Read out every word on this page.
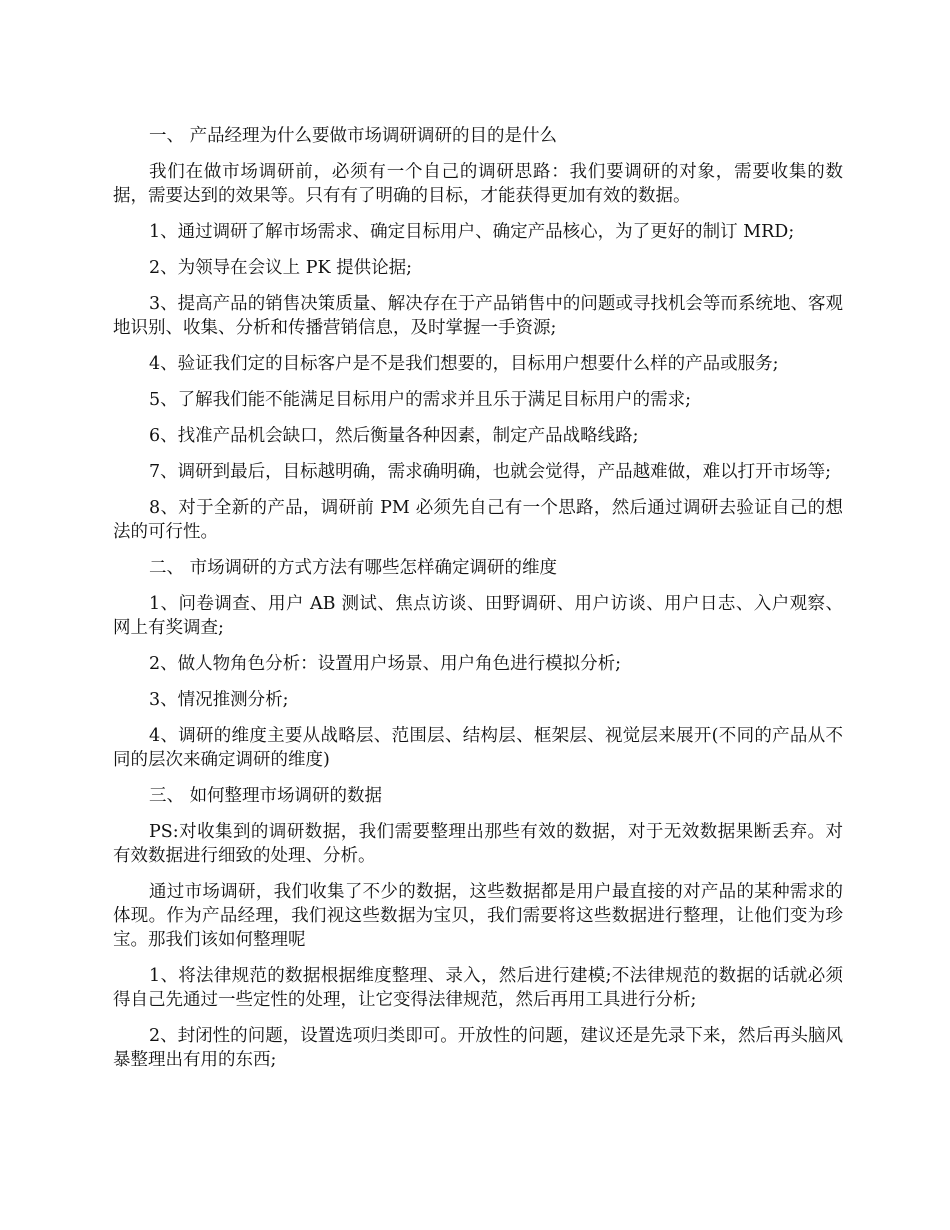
一、 产品经理为什么要做市场调研调研的目的是什么

我们在做市场调研前，必须有一个自己的调研思路：我们要调研的对象，需要收集的数据，需要达到的效果等。只有有了明确的目标，才能获得更加有效的数据。

1、通过调研了解市场需求、确定目标用户、确定产品核心，为了更好的制订 MRD;

2、为领导在会议上 PK 提供论据;

3、提高产品的销售决策质量、解决存在于产品销售中的问题或寻找机会等而系统地、客观地识别、收集、分析和传播营销信息，及时掌握一手资源;

4、验证我们定的目标客户是不是我们想要的，目标用户想要什么样的产品或服务;

5、了解我们能不能满足目标用户的需求并且乐于满足目标用户的需求;

6、找准产品机会缺口，然后衡量各种因素，制定产品战略线路;

7、调研到最后，目标越明确，需求确明确，也就会觉得，产品越难做，难以打开市场等;

8、对于全新的产品，调研前 PM 必须先自己有一个思路，然后通过调研去验证自己的想法的可行性。

二、 市场调研的方式方法有哪些怎样确定调研的维度

1、问卷调查、用户 AB 测试、焦点访谈、田野调研、用户访谈、用户日志、入户观察、网上有奖调查;

2、做人物角色分析：设置用户场景、用户角色进行模拟分析;

3、情况推测分析;

4、调研的维度主要从战略层、范围层、结构层、框架层、视觉层来展开(不同的产品从不同的层次来确定调研的维度)

三、 如何整理市场调研的数据

PS:对收集到的调研数据，我们需要整理出那些有效的数据，对于无效数据果断丢弃。对有效数据进行细致的处理、分析。

通过市场调研，我们收集了不少的数据，这些数据都是用户最直接的对产品的某种需求的体现。作为产品经理，我们视这些数据为宝贝，我们需要将这些数据进行整理，让他们变为珍宝。那我们该如何整理呢

1、将法律规范的数据根据维度整理、录入，然后进行建模;不法律规范的数据的话就必须得自己先通过一些定性的处理，让它变得法律规范，然后再用工具进行分析;

2、封闭性的问题，设置选项归类即可。开放性的问题，建议还是先录下来，然后再头脑风暴整理出有用的东西;
